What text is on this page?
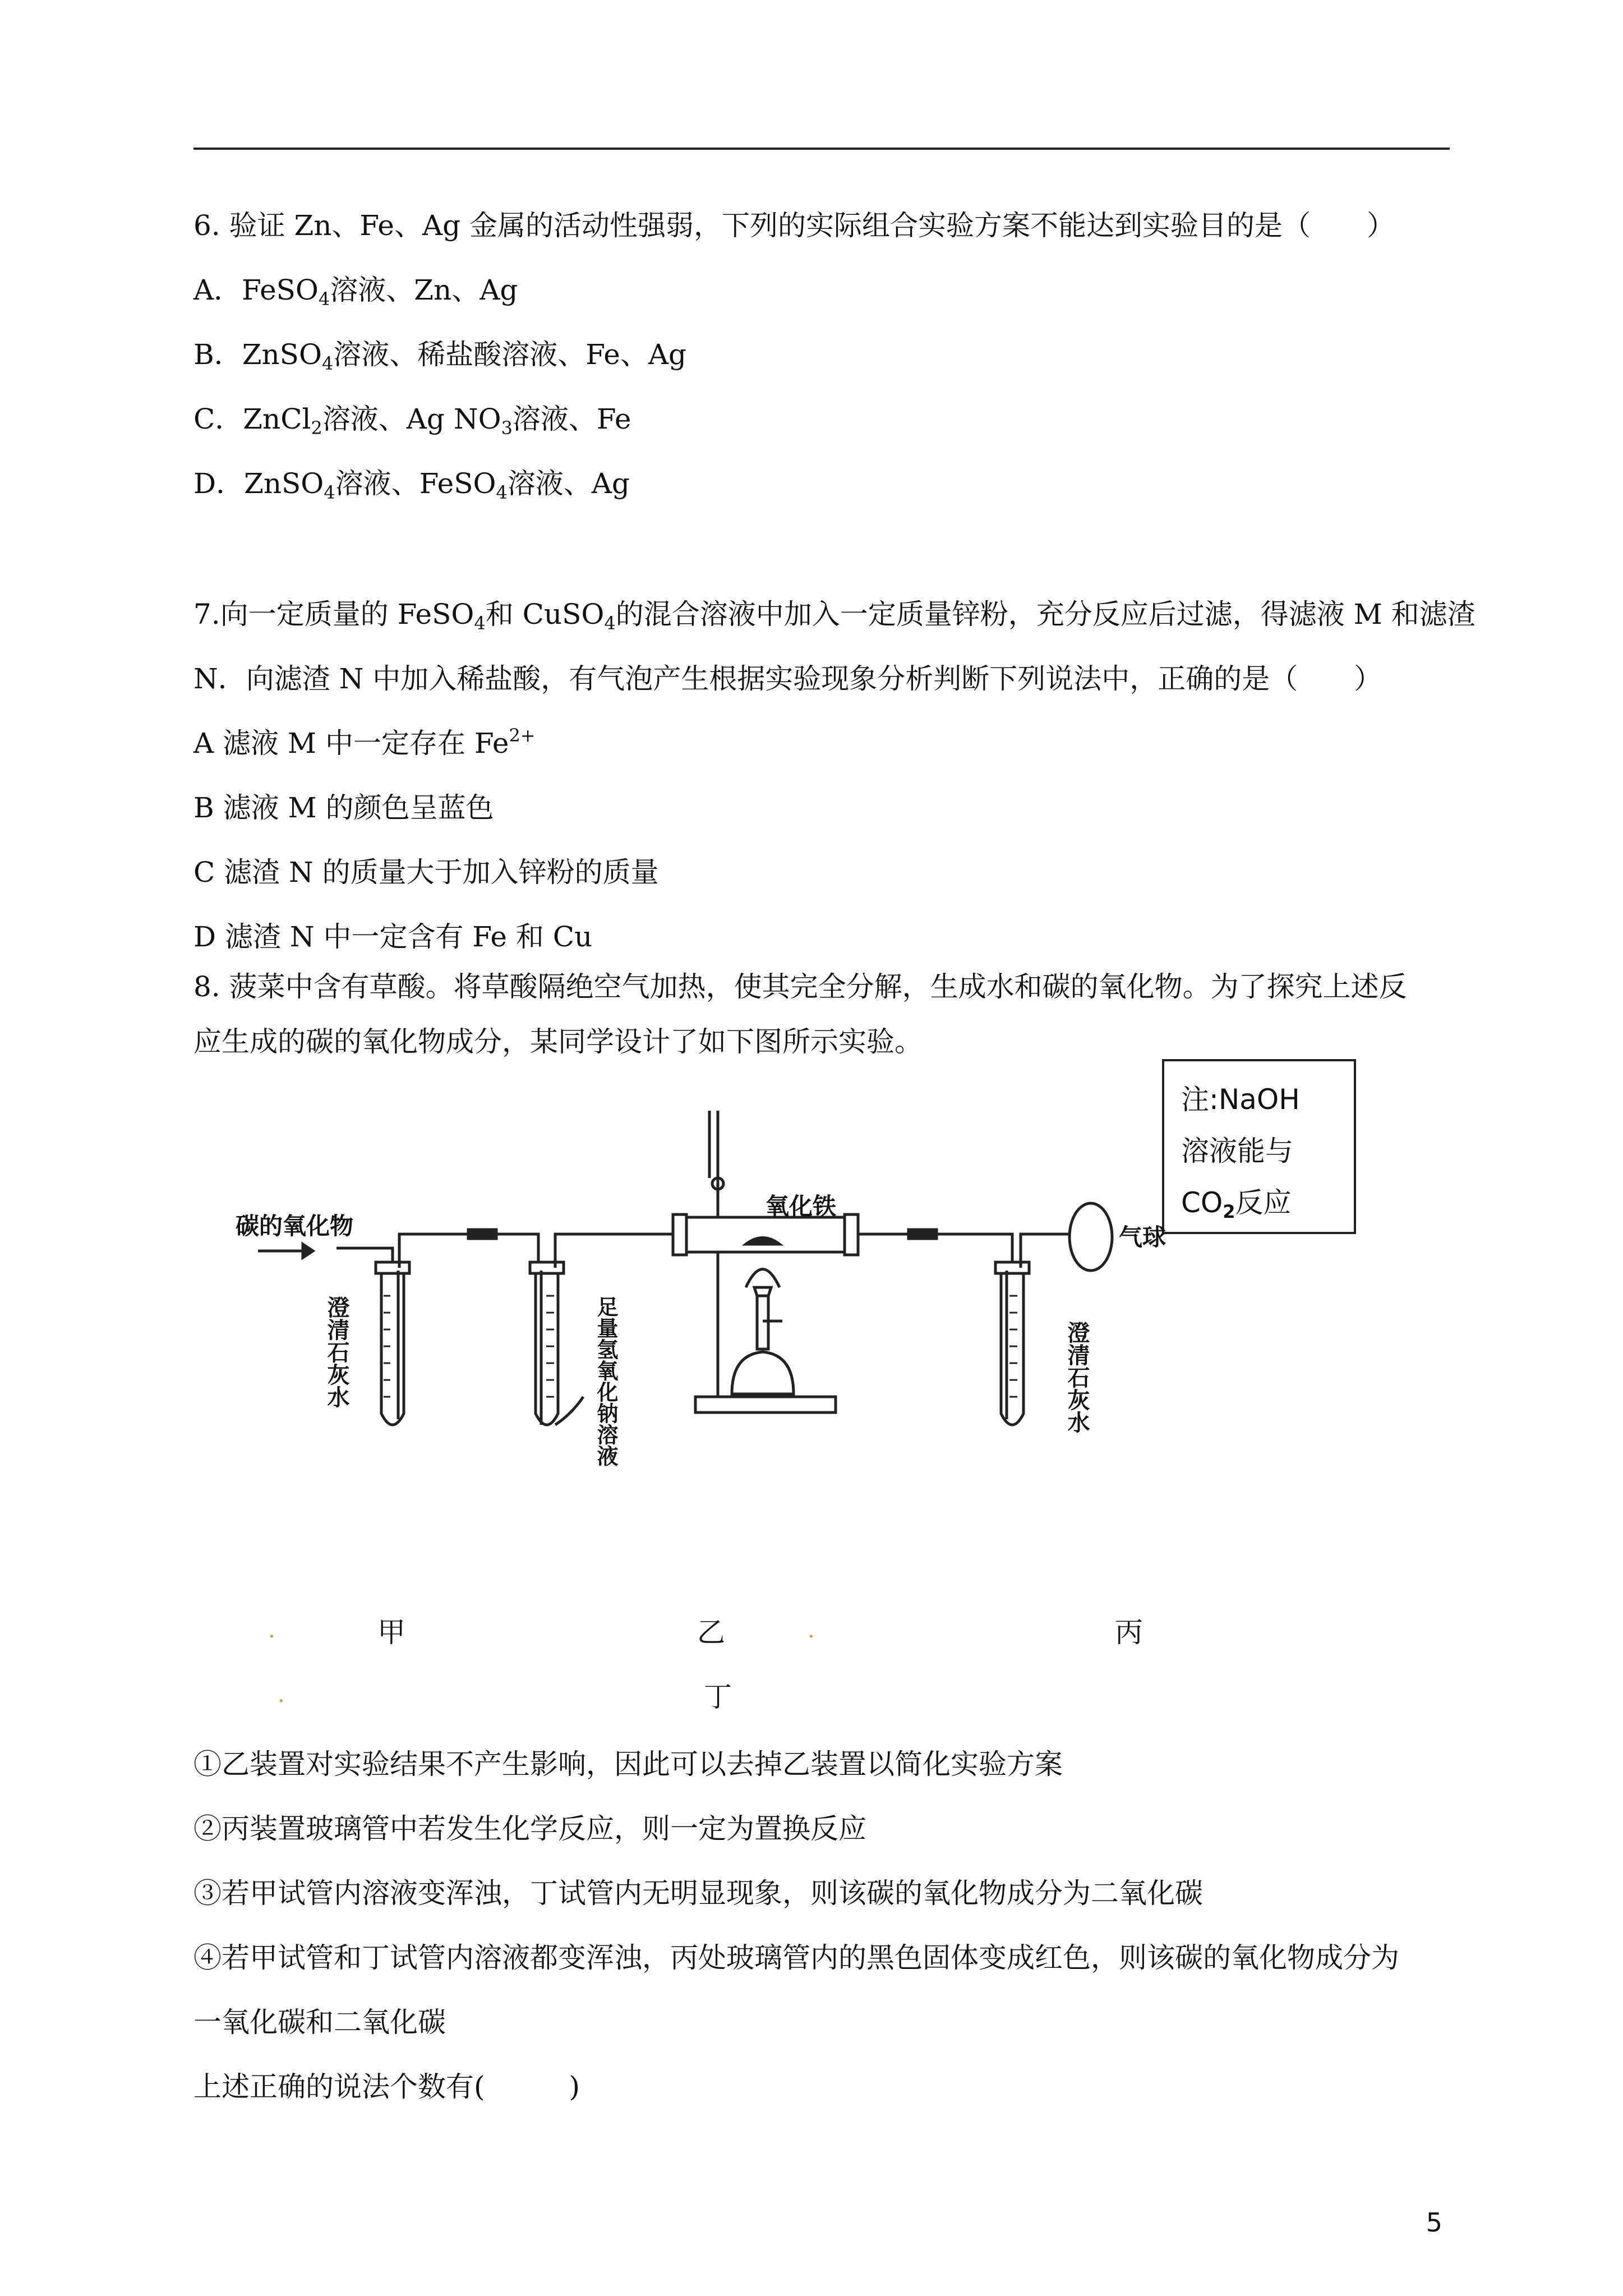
6. 验证 Zn、Fe、Ag 金属的活动性强弱，下列的实际组合实验方案不能达到实验目的是（　　）
A．FeSO$_4$溶液、Zn、Ag
B．ZnSO$_4$溶液、稀盐酸溶液、Fe、Ag
C．ZnCl$_2$溶液、Ag $NO_3$溶液、Fe
D．ZnSO$_4$溶液、FeSO$_4$溶液、Ag
7.向一定质量的 FeSO$_4$和 CuSO$_4$的混合溶液中加入一定质量锌粉，充分反应后过滤，得滤液 M 和滤渣
N．向滤渣 N 中加入稀盐酸，有气泡产生根据实验现象分析判断下列说法中，正确的是（　　）
A 滤液 M 中一定存在 $Fe^{2+}$
B 滤液 M 的颜色呈蓝色
C 滤渣 N 的质量大于加入锌粉的质量
D 滤渣 N 中一定含有 Fe 和 Cu
8. 菠菜中含有草酸。将草酸隔绝空气加热，使其完全分解，生成水和碳的氧化物。为了探究上述反
应生成的碳的氧化物成分，某同学设计了如下图所示实验。
注:NaOH
溶液能与
$CO_2$反应
碳的氧化物
氧化铁
气球
澄清石灰水	澄清石灰水
足量氢氧化钠溶液
·	甲	乙	·	丙
·	丁
①乙装置对实验结果不产生影响，因此可以去掉乙装置以简化实验方案
②丙装置玻璃管中若发生化学反应，则一定为置换反应
③若甲试管内溶液变浑浊，丁试管内无明显现象，则该碳的氧化物成分为二氧化碳
④若甲试管和丁试管内溶液都变浑浊，丙处玻璃管内的黑色固体变成红色，则该碳的氧化物成分为
一氧化碳和二氧化碳
上述正确的说法个数有(　　　)
5
